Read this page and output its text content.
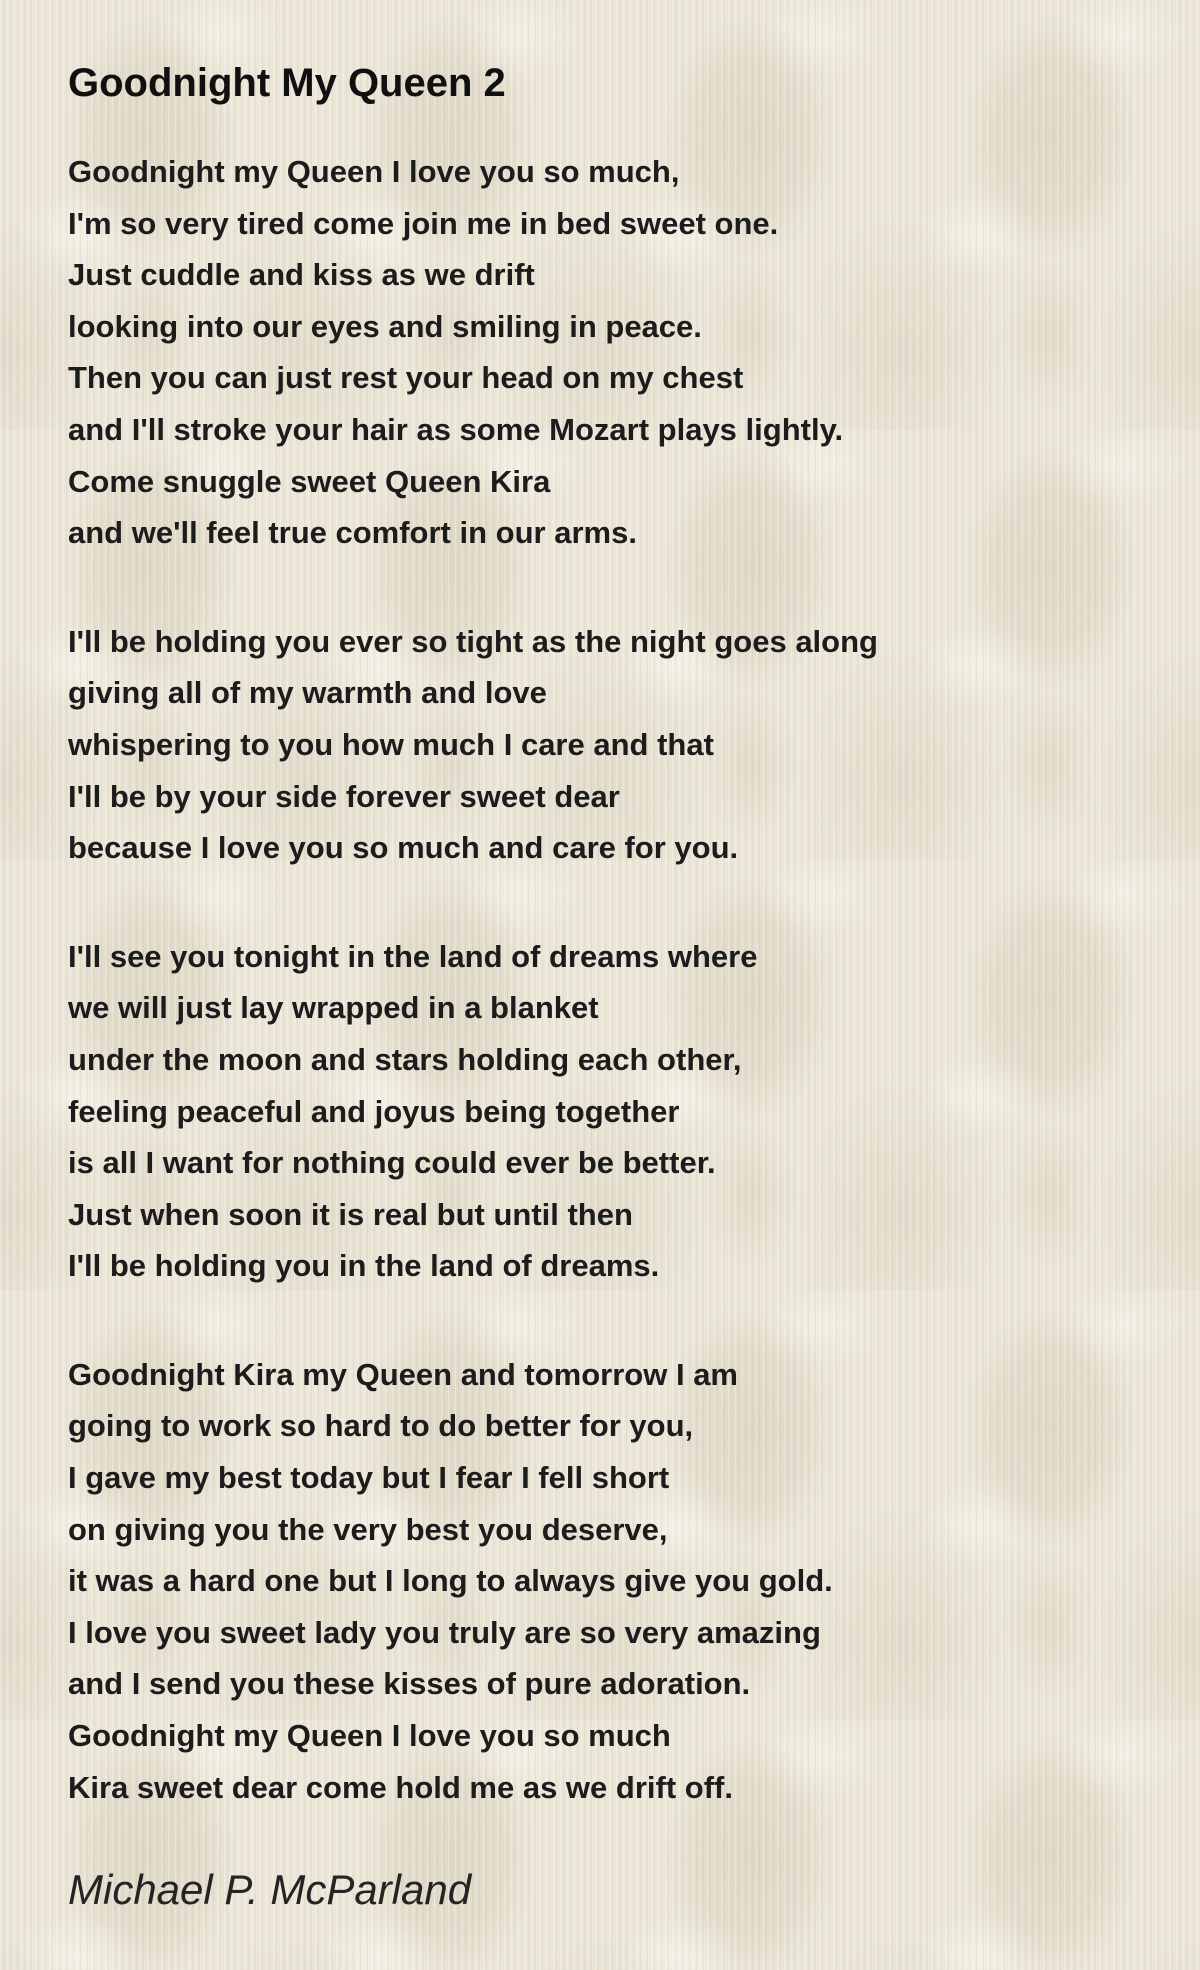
Goodnight My Queen 2
Goodnight my Queen I love you so much,
I'm so very tired come join me in bed sweet one.
Just cuddle and kiss as we drift
looking into our eyes and smiling in peace.
Then you can just rest your head on my chest
and I'll stroke your hair as some Mozart plays lightly.
Come snuggle sweet Queen Kira
and we'll feel true comfort in our arms.
I'll be holding you ever so tight as the night goes along
giving all of my warmth and love
whispering to you how much I care and that
I'll be by your side forever sweet dear
because I love you so much and care for you.
I'll see you tonight in the land of dreams where
we will just lay wrapped in a blanket
under the moon and stars holding each other,
feeling peaceful and joyus being together
is all I want for nothing could ever be better.
Just when soon it is real but until then
I'll be holding you in the land of dreams.
Goodnight Kira my Queen and tomorrow I am
going to work so hard to do better for you,
I gave my best today but I fear I fell short
on giving you the very best you deserve,
it was a hard one but I long to always give you gold.
I love you sweet lady you truly are so very amazing
and I send you these kisses of pure adoration.
Goodnight my Queen I love you so much
Kira sweet dear come hold me as we drift off.
Michael P. McParland
